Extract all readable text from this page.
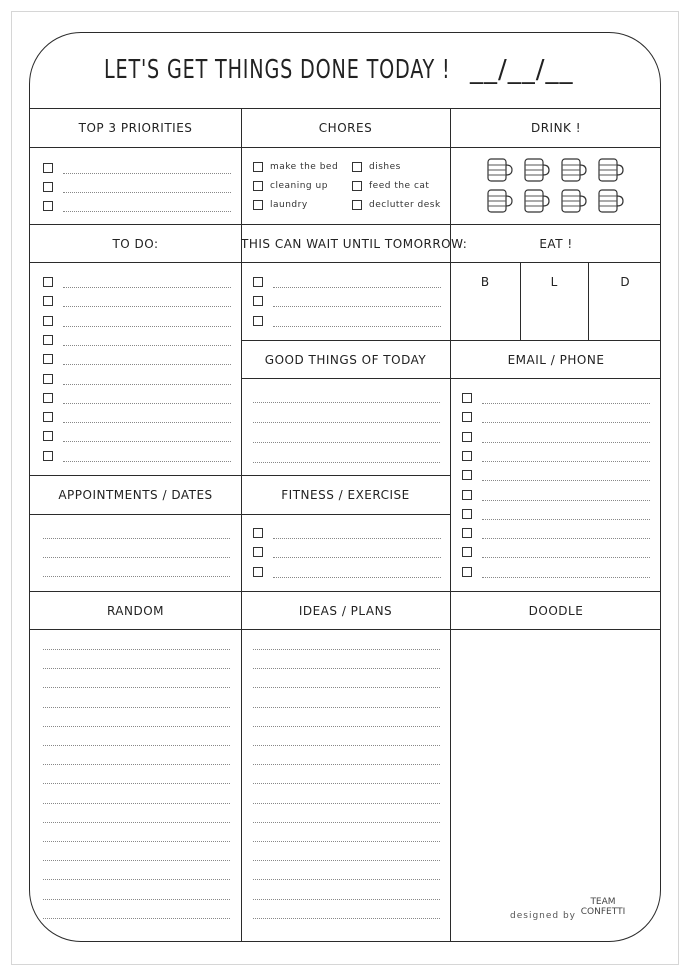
LET'S GET THINGS DONE TODAY ! __/__/__
TOP 3 PRIORITIES	CHORES	DRINK !
TO DO:	THIS CAN WAIT UNTIL TOMORROW:	EAT !
GOOD THINGS OF TODAY	EMAIL / PHONE
APPOINTMENTS / DATES	FITNESS / EXERCISE
RANDOM	IDEAS / PLANS	DOODLE
B	L	D
make the bed	dishes
cleaning up	feed the cat
laundry	declutter desk
designed by
TEAM
CONFETTI
